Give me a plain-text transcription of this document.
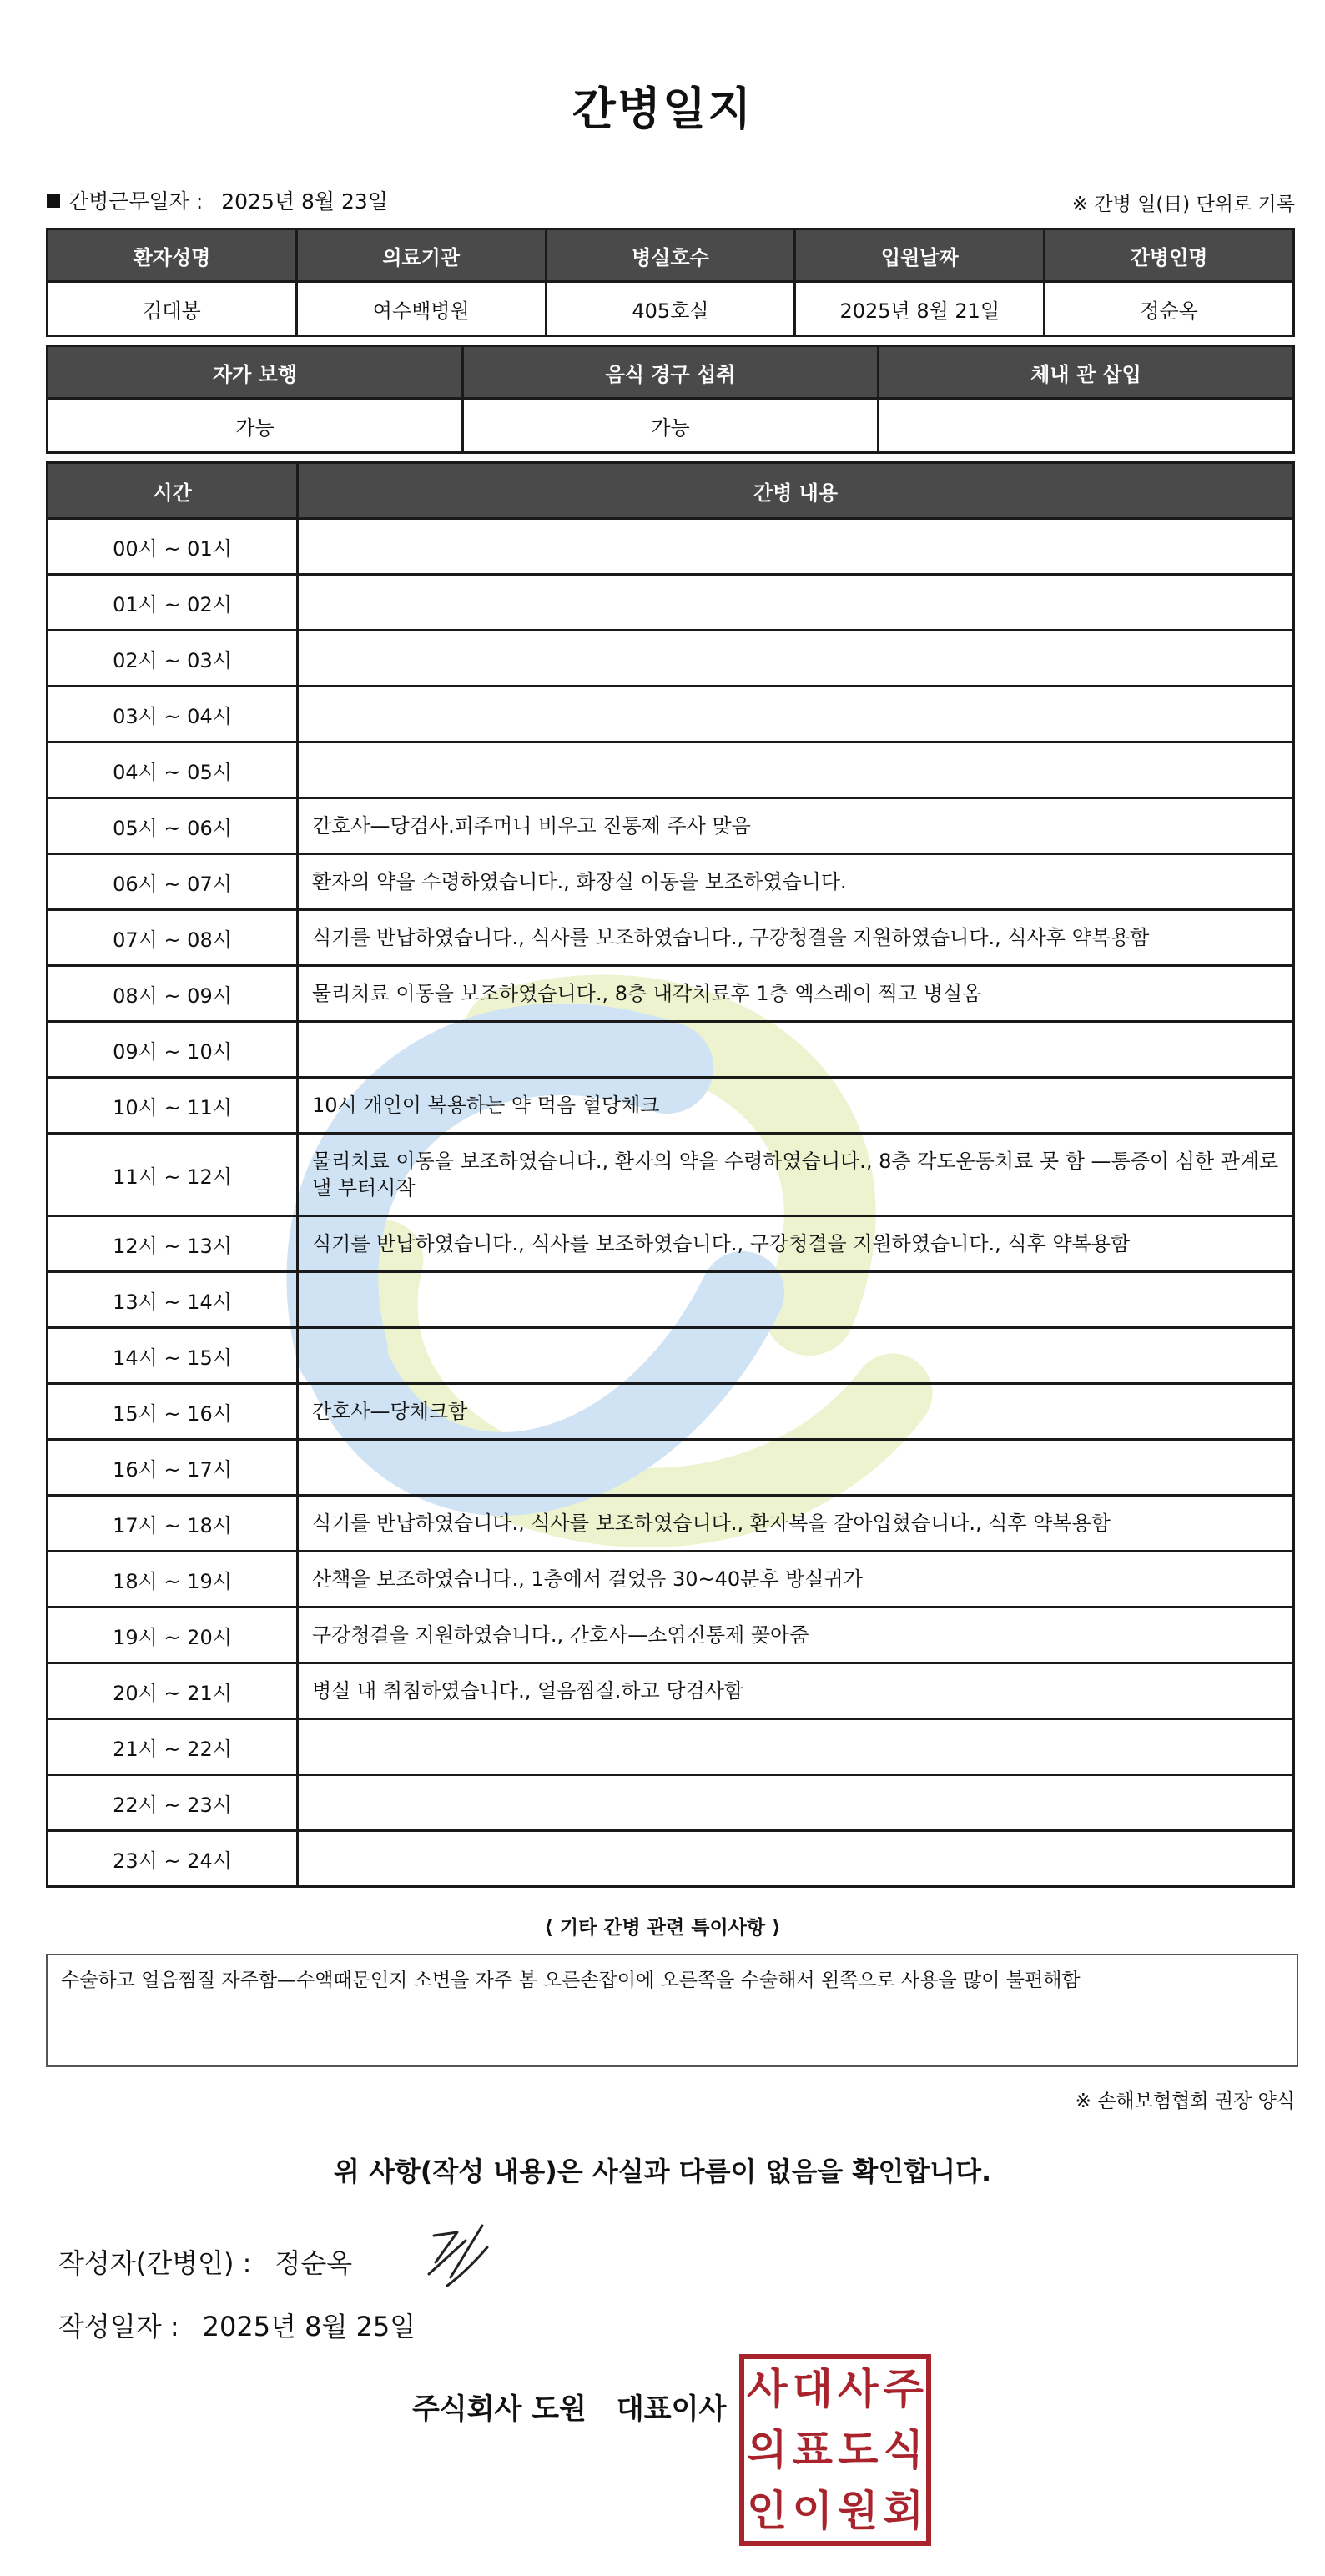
간병일지
간병근무일자 : 2025년 8월 23일	※ 간병 일(日) 단위로 기록
환자성명	의료기관	병실호수	입원날짜	간병인명
김대봉	여수백병원	405호실	2025년 8월 21일	정순옥
자가 보행	음식 경구 섭취	체내 관 삽입
가능	가능	
시간	간병 내용
00시 ~ 01시	
01시 ~ 02시	
02시 ~ 03시	
03시 ~ 04시	
04시 ~ 05시	
05시 ~ 06시	간호사—당검사.피주머니 비우고 진통제 주사 맞음
06시 ~ 07시	환자의 약을 수령하였습니다., 화장실 이동을 보조하였습니다.
07시 ~ 08시	식기를 반납하였습니다., 식사를 보조하였습니다., 구강청결을 지원하였습니다., 식사후 약복용함
08시 ~ 09시	물리치료 이동을 보조하였습니다., 8층 내각치료후 1층 엑스레이 찍고 병실옴
09시 ~ 10시	
10시 ~ 11시	10시 개인이 복용하는 약 먹음 혈당체크
11시 ~ 12시	물리치료 이동을 보조하였습니다., 환자의 약을 수령하였습니다., 8층 각도운동치료 못 함 —통증이 심한 관계로 낼 부터시작
12시 ~ 13시	식기를 반납하였습니다., 식사를 보조하였습니다., 구강청결을 지원하였습니다., 식후 약복용함
13시 ~ 14시	
14시 ~ 15시	
15시 ~ 16시	간호사—당체크함
16시 ~ 17시	
17시 ~ 18시	식기를 반납하였습니다., 식사를 보조하였습니다., 환자복을 갈아입혔습니다., 식후 약복용함
18시 ~ 19시	산책을 보조하였습니다., 1층에서 걸었음 30~40분후 방실귀가
19시 ~ 20시	구강청결을 지원하였습니다., 간호사—소염진통제 꽂아줌
20시 ~ 21시	병실 내 취침하였습니다., 얼음찜질.하고 당검사함
21시 ~ 22시	
22시 ~ 23시	
23시 ~ 24시	
⟨ 기타 간병 관련 특이사항 ⟩
수술하고 얼음찜질 자주함—수액때문인지 소변을 자주 봄 오른손잡이에 오른쪽을 수술해서 왼쪽으로 사용을 많이 불편해함
※ 손해보험협회 권장 양식
위 사항(작성 내용)은 사실과 다름이 없음을 확인합니다.
작성자(간병인) : 정순옥
작성일자 : 2025년 8월 25일
주식회사 도원 대표이사 사 대 사 주
의 표 도 식
인 이 원 회
